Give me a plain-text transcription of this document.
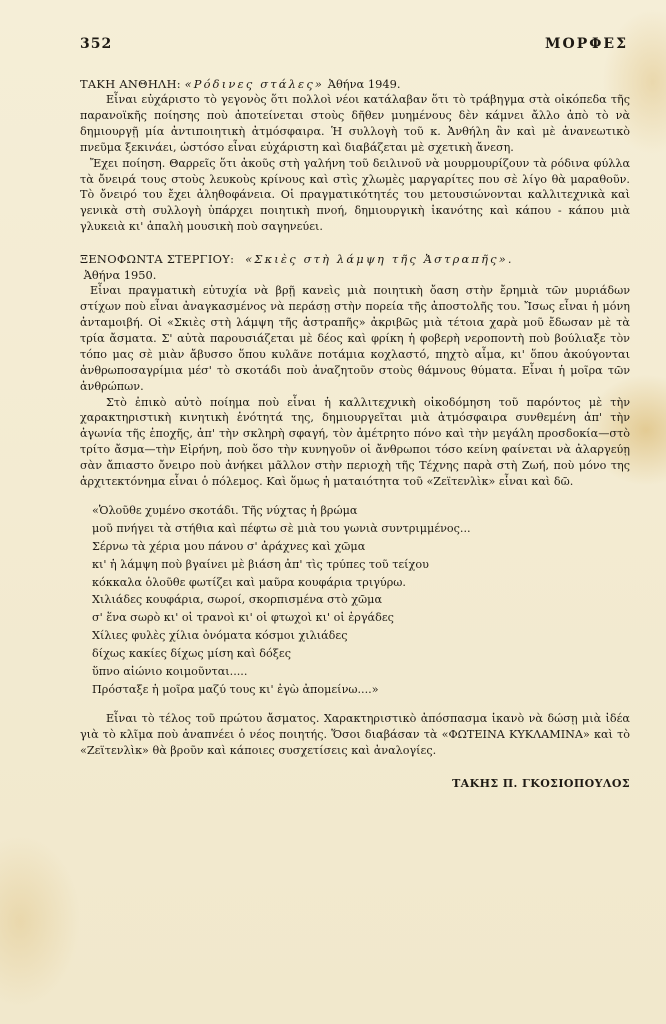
352	ΜΟΡΦΕΣ
ΤΑΚΗ ΑΝΘΗΛΗ: «Ρόδινες στάλες» Ἀθήνα 1949.

Εἶναι εὐχάριστο τὸ γεγονὸς ὅτι πολλοὶ νέοι κατάλαβαν ὅτι τὸ τράβηγμα στὰ οἰκόπεδα τῆς παρανοϊκῆς ποίησης ποὺ ἀποτείνεται στοὺς δῆθεν μυημένους δὲν κάμνει ἄλλο ἀπὸ τὸ νὰ δημιουργῇ μία ἀντιποιητικὴ ἀτμόσφαιρα. Ἡ συλλογὴ τοῦ κ. Ἀνθήλη ἂν καὶ μὲ ἀνανεωτικὸ πνεῦμα ξεκινάει, ὡστόσο εἶναι εὐχάριστη καὶ διαβάζεται μὲ σχετικὴ ἄνεση.

Ἔχει ποίηση. Θαρρεῖς ὅτι ἀκοῦς στὴ γαλήνη τοῦ δειλινοῦ νὰ μουρμουρίζουν τὰ ρόδινα φύλλα τὰ ὄνειρά τους στοὺς λευκοὺς κρίνους καὶ στὶς χλωμὲς μαργαρίτες που σὲ λίγο θὰ μαραθοῦν. Τὸ ὄνειρό του ἔχει ἀληθοφάνεια. Οἱ πραγματικότητές του μετουσιώνονται καλλιτεχνικὰ καὶ γενικὰ στὴ συλλογὴ ὑπάρχει ποιητικὴ πνοή, δημιουργικὴ ἱκανότης καὶ κάπου - κάπου μιὰ γλυκειὰ κι' ἁπαλὴ μουσικὴ ποὺ σαγηνεύει.

ΞΕΝΟΦΩΝΤΑ ΣΤΕΡΓΙΟΥ: «Σκιὲς στὴ λάμψη τῆς Ἀστραπῆς».
Ἀθήνα 1950.

Εἶναι πραγματικὴ εὐτυχία νὰ βρῇ κανεὶς μιὰ ποιητικὴ ὄαση στὴν ἔρημιὰ τῶν μυριάδων στίχων ποὺ εἶναι ἀναγκασμένος νὰ περάσῃ στὴν πορεία τῆς ἀποστολῆς του. Ἴσως εἶναι ἡ μόνη ἀνταμοιβή. Οἱ «Σκιὲς στὴ λάμψη τῆς ἀστραπῆς» ἀκριβῶς μιὰ τέτοια χαρὰ μοῦ ἔδωσαν μὲ τὰ τρία ἄσματα. Σ' αὐτὰ παρουσιάζεται μὲ δέος καὶ φρίκη ἡ φοβερὴ νεροποντὴ ποὺ βούλιαξε τὸν τόπο μας σὲ μιὰν ἄβυσσο ὅπου κυλᾶνε ποτάμια κοχλαστό, πηχτὸ αἷμα, κι' ὅπου ἀκούγονται ἀνθρωποσαγρίμια μέσ' τὸ σκοτάδι ποὺ ἀναζητοῦν στοὺς θάμνους θύματα. Εἶναι ἡ μοῖρα τῶν ἀνθρώπων.

Στὸ ἐπικὸ αὐτὸ ποίημα ποὺ εἶναι ἡ καλλιτεχνικὴ οἰκοδόμηση τοῦ παρόντος μὲ τὴν χαρακτηριστικὴ κινητικὴ ἑνότητά της, δημιουργεῖται μιὰ ἀτμόσφαιρα συνθεμένη ἀπ' τὴν ἀγωνία τῆς ἐποχῆς, ἀπ' τὴν σκληρὴ σφαγή, τὸν ἀμέτρητο πόνο καὶ τὴν μεγάλη προσδοκία—στὸ τρίτο ἄσμα—τὴν Εἰρήνη, ποὺ ὅσο τὴν κυνηγοῦν οἱ ἄνθρωποι τόσο κείνη φαίνεται νὰ ἀλαργεύῃ σὰν ἄπιαστο ὄνειρο ποὺ ἀνήκει μᾶλλον στὴν περιοχὴ τῆς Τέχνης παρὰ στὴ Ζωή, ποὺ μόνο της ἀρχιτεκτόνημα εἶναι ὁ πόλεμος. Καὶ ὅμως ἡ ματαιότητα τοῦ «Ζεϊτενλὶκ» εἶναι καὶ δῶ.

«Ὁλοῦθε χυμένο σκοτάδι. Τῆς νύχτας ἡ βρώμα
μοῦ πνήγει τὰ στήθια καὶ πέφτω σὲ μιὰ του γωνιὰ συντριμμένος...
Σέρνω τὰ χέρια μου πάνου σ' ἀράχνες καὶ χῶμα
κι' ἡ λάμψη ποὺ βγαίνει μὲ βιάση ἀπ' τὶς τρύπες τοῦ τείχου
κόκκαλα ὁλοῦθε φωτίζει καὶ μαῦρα κουφάρια τριγύρω.
Χιλιάδες κουφάρια, σωροί, σκορπισμένα στὸ χῶμα
σ' ἕνα σωρὸ κι' οἱ τρανοὶ κι' οἱ φτωχοὶ κι' οἱ ἐργάδες
Χίλιες φυλὲς χίλια ὀνόματα κόσμοι χιλιάδες
δίχως κακίες δίχως μίση καὶ δόξες
ὕπνο αἰώνιο κοιμοῦνται.....
Πρόσταξε ἡ μοῖρα μαζύ τους κι' ἐγὼ ἀπομείνω....»

Εἶναι τὸ τέλος τοῦ πρώτου ἄσματος. Χαρακτηριστικὸ ἀπόσπασμα ἱκανὸ νὰ δώσῃ μιὰ ἰδέα γιὰ τὸ κλῖμα ποὺ ἀναπνέει ὁ νέος ποιητής. Ὅσοι διαβάσαν τὰ «ΦΩΤΕΙΝΑ ΚΥΚΛΑΜΙΝΑ» καὶ τὸ «Ζεϊτενλὶκ» θὰ βροῦν καὶ κάποιες συσχετίσεις καὶ ἀναλογίες.

ΤΑΚΗΣ Π. ΓΚΟΣΙΟΠΟΥΛΟΣ
